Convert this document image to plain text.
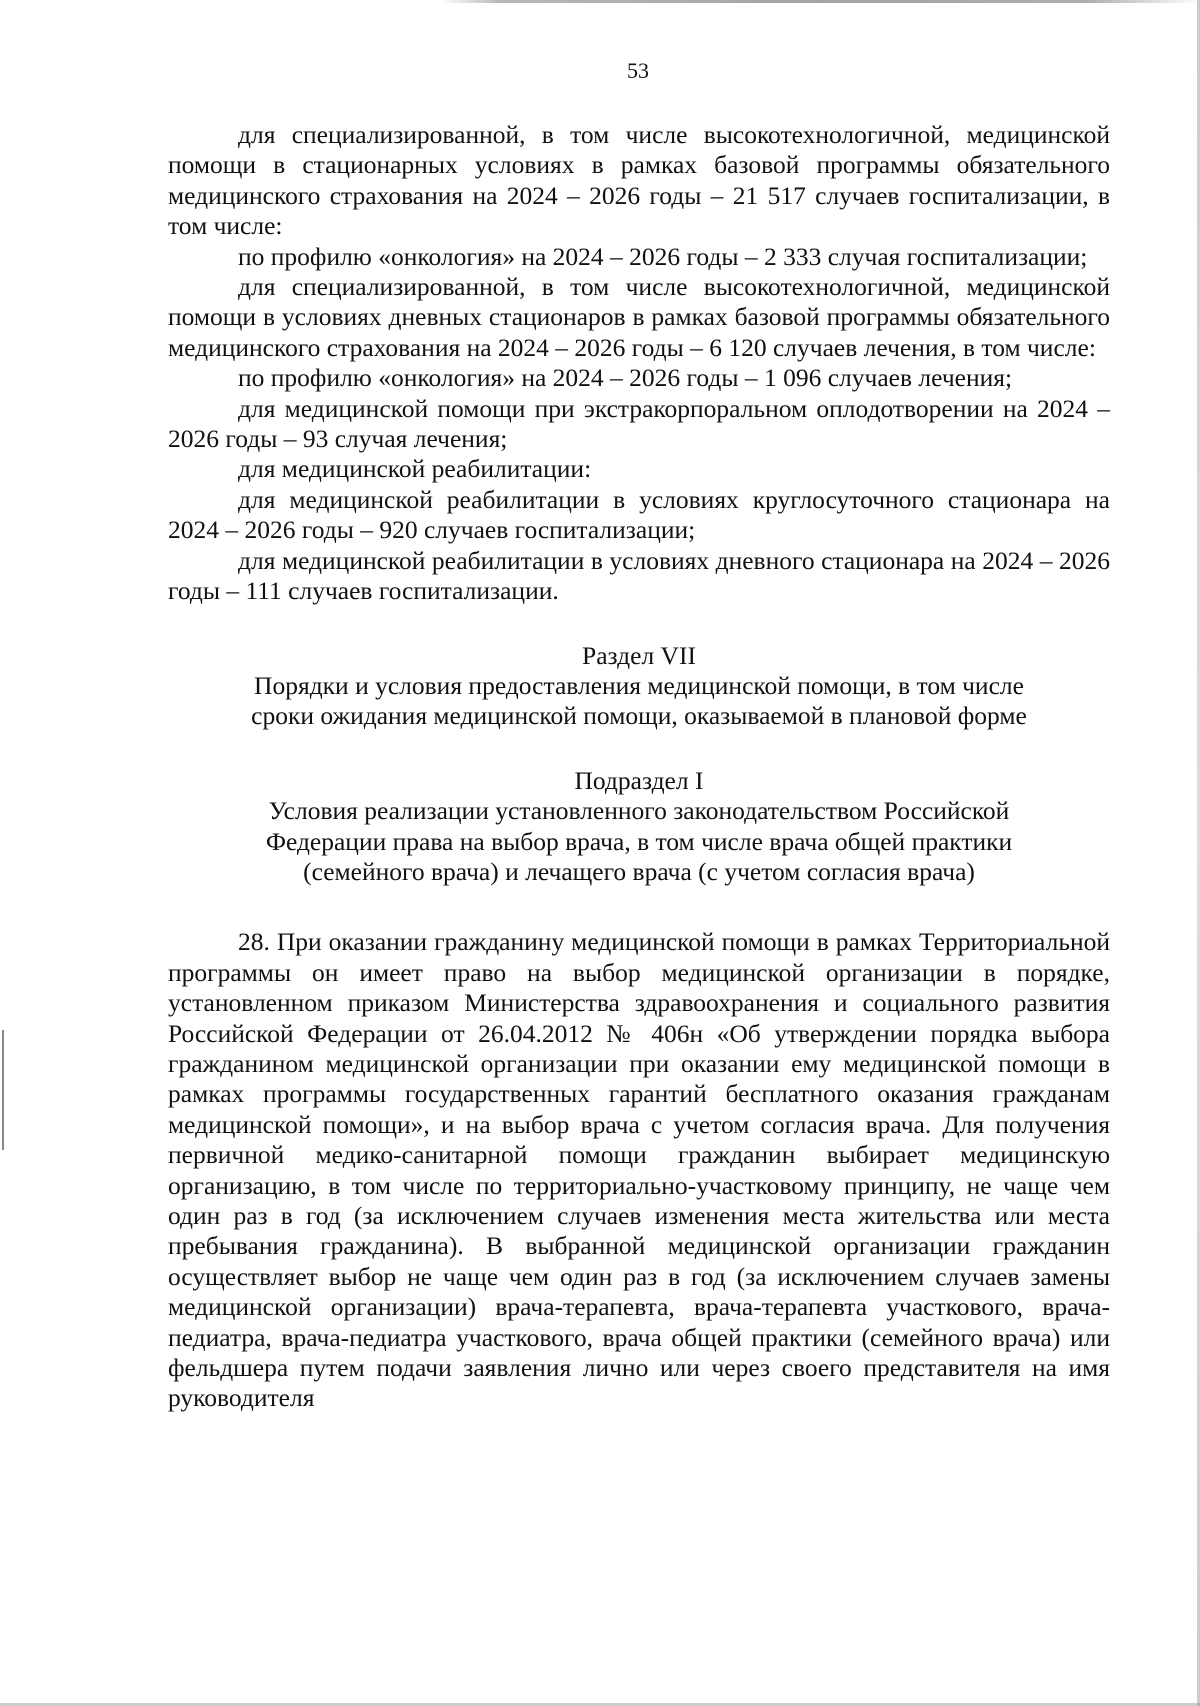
53

для специализированной, в том числе высокотехнологичной, медицинской помощи в стационарных условиях в рамках базовой программы обязательного медицинского страхования на 2024 – 2026 годы – 21 517 случаев госпитализации, в том числе:

по профилю «онкология» на 2024 – 2026 годы – 2 333 случая госпитализации;

для специализированной, в том числе высокотехнологичной, медицинской помощи в условиях дневных стационаров в рамках базовой программы обязательного медицинского страхования на 2024 – 2026 годы – 6 120 случаев лечения, в том числе:

по профилю «онкология» на 2024 – 2026 годы – 1 096 случаев лечения;

для медицинской помощи при экстракорпоральном оплодотворении на 2024 – 2026 годы – 93 случая лечения;

для медицинской реабилитации:

для медицинской реабилитации в условиях круглосуточного стационара на 2024 – 2026 годы – 920 случаев госпитализации;

для медицинской реабилитации в условиях дневного стационара на 2024 – 2026 годы – 111 случаев госпитализации.

Раздел VII

Порядки и условия предоставления медицинской помощи, в том числе

сроки ожидания медицинской помощи, оказываемой в плановой форме

Подраздел I

Условия реализации установленного законодательством Российской

Федерации права на выбор врача, в том числе врача общей практики

(семейного врача) и лечащего врача (с учетом согласия врача)

28. При оказании гражданину медицинской помощи в рамках Территориальной программы он имеет право на выбор медицинской организации в порядке, установленном приказом Министерства здравоохранения и социального развития Российской Федерации от 26.04.2012 № 406н «Об утверждении порядка выбора гражданином медицинской организации при оказании ему медицинской помощи в рамках программы государственных гарантий бесплатного оказания гражданам медицинской помощи», и на выбор врача с учетом согласия врача. Для получения первичной медико-санитарной помощи гражданин выбирает медицинскую организацию, в том числе по территориально-участковому принципу, не чаще чем один раз в год (за исключением случаев изменения места жительства или места пребывания гражданина). В выбранной медицинской организации гражданин осуществляет выбор не чаще чем один раз в год (за исключением случаев замены медицинской организации) врача-терапевта, врача-терапевта участкового, врача-педиатра, врача-педиатра участкового, врача общей практики (семейного врача) или фельдшера путем подачи заявления лично или через своего представителя на имя руководителя
